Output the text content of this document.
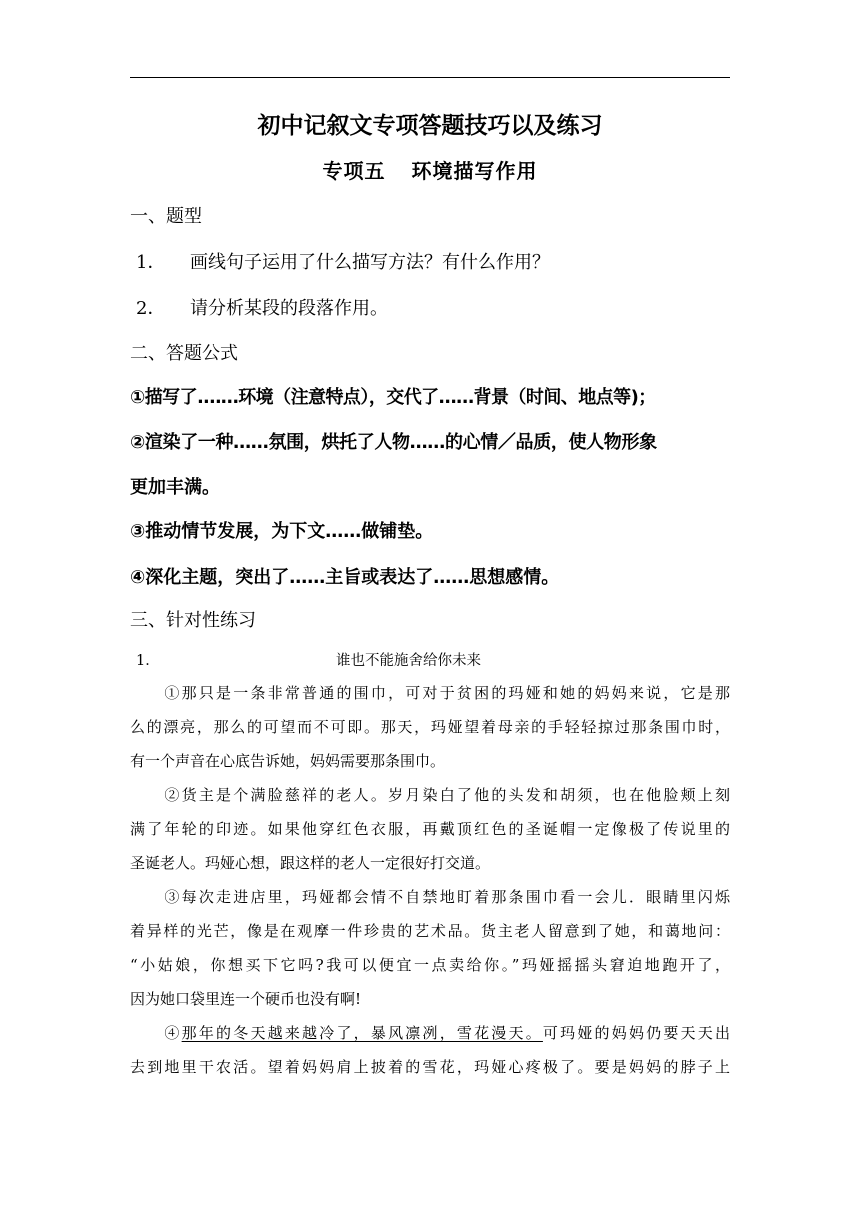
初中记叙文专项答题技巧以及练习
专项五 环境描写作用
一、题型
1． 画线句子运用了什么描写方法？有什么作用？
2． 请分析某段的段落作用。
二、答题公式
①描写了.……环境（注意特点），交代了……背景（时间、地点等)；
②渲染了一种……氛围，烘托了人物……的心情／品质，使人物形象
更加丰满。
③推动情节发展，为下文……做铺垫。
④深化主题，突出了……主旨或表达了……思想感情。
三、针对性练习
1．	谁也不能施舍给你未来
　　①那只是一条非常普通的围巾，可对于贫困的玛娅和她的妈妈来说，它是那
么的漂亮，那么的可望而不可即。那天，玛娅望着母亲的手轻轻掠过那条围巾时，
有一个声音在心底告诉她，妈妈需要那条围巾。
　　②货主是个满脸慈祥的老人。岁月染白了他的头发和胡须，也在他脸颊上刻
满了年轮的印迹。如果他穿红色衣服，再戴顶红色的圣诞帽一定像极了传说里的
圣诞老人。玛娅心想，跟这样的老人一定很好打交道。
　　③每次走进店里，玛娅都会情不自禁地盯着那条围巾看一会儿．眼睛里闪烁
着异样的光芒，像是在观摩一件珍贵的艺术品。货主老人留意到了她，和蔼地问：
“小姑娘，你想买下它吗?我可以便宜一点卖给你。”玛娅摇摇头窘迫地跑开了，
因为她口袋里连一个硬币也没有啊!
　　④那年的冬天越来越冷了，暴风凛冽，雪花漫天。可玛娅的妈妈仍要天天出
去到地里干农活。望着妈妈肩上披着的雪花，玛娅心疼极了。要是妈妈的脖子上
